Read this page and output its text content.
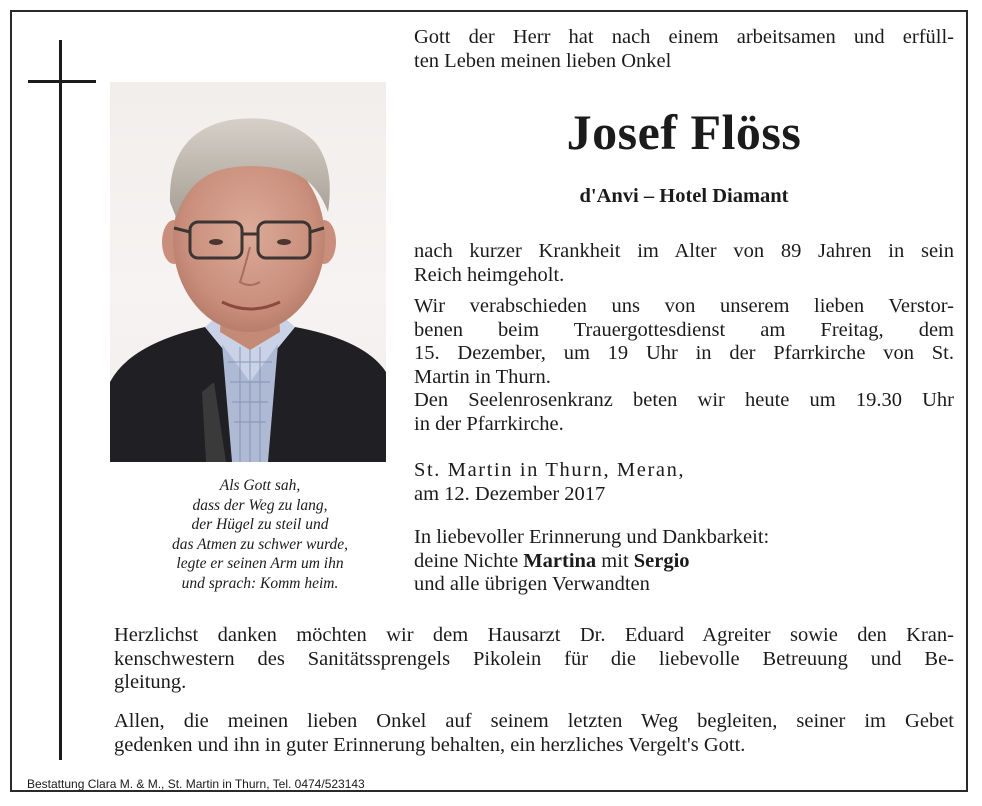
Als Gott sah,
dass der Weg zu lang,
der Hügel zu steil und
das Atmen zu schwer wurde,
legte er seinen Arm um ihn
und sprach: Komm heim.
Gott der Herr hat nach einem arbeitsamen und erfüll-
ten Leben meinen lieben Onkel
Josef Flöss
d'Anvi – Hotel Diamant
nach kurzer Krankheit im Alter von 89 Jahren in sein
Reich heimgeholt.
Wir verabschieden uns von unserem lieben Verstor-
benen beim Trauergottesdienst am Freitag, dem
15. Dezember, um 19 Uhr in der Pfarrkirche von St.
Martin in Thurn.
Den Seelenrosenkranz beten wir heute um 19.30 Uhr
in der Pfarrkirche.
St. Martin in Thurn, Meran,
am 12. Dezember 2017
In liebevoller Erinnerung und Dankbarkeit:
deine Nichte Martina mit Sergio
und alle übrigen Verwandten
Herzlichst danken möchten wir dem Hausarzt Dr. Eduard Agreiter sowie den Kran-
kenschwestern des Sanitätssprengels Pikolein für die liebevolle Betreuung und Be-
gleitung.
Allen, die meinen lieben Onkel auf seinem letzten Weg begleiten, seiner im Gebet
gedenken und ihn in guter Erinnerung behalten, ein herzliches Vergelt's Gott.
Bestattung Clara M. & M., St. Martin in Thurn, Tel. 0474/523143
